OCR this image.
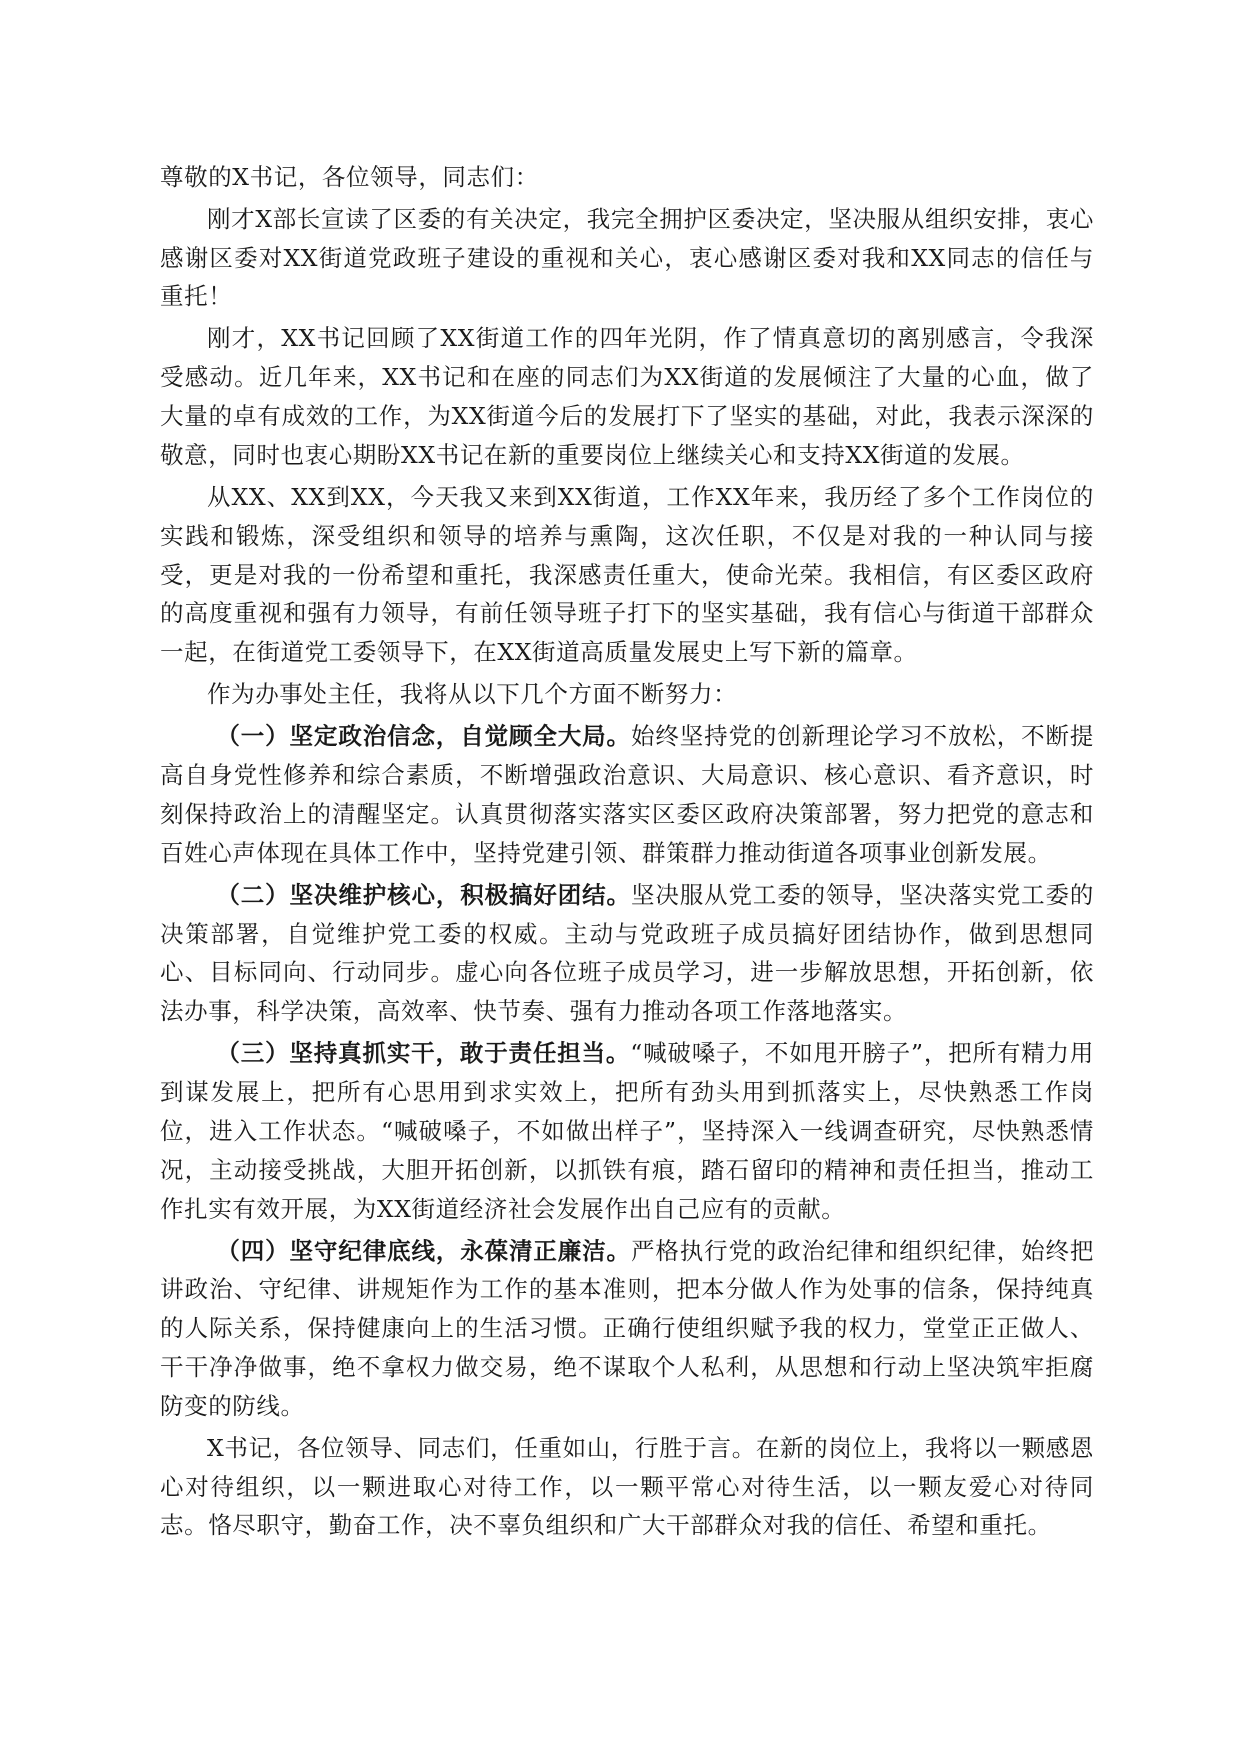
尊敬的X书记，各位领导，同志们：

刚才X部长宣读了区委的有关决定，我完全拥护区委决定，坚决服从组织安排，衷心感谢区委对XX街道党政班子建设的重视和关心，衷心感谢区委对我和XX同志的信任与重托！

刚才，XX书记回顾了XX街道工作的四年光阴，作了情真意切的离别感言，令我深受感动。近几年来，XX书记和在座的同志们为XX街道的发展倾注了大量的心血，做了大量的卓有成效的工作，为XX街道今后的发展打下了坚实的基础，对此，我表示深深的敬意，同时也衷心期盼XX书记在新的重要岗位上继续关心和支持XX街道的发展。

从XX、XX到XX，今天我又来到XX街道，工作XX年来，我历经了多个工作岗位的实践和锻炼，深受组织和领导的培养与熏陶，这次任职，不仅是对我的一种认同与接受，更是对我的一份希望和重托，我深感责任重大，使命光荣。我相信，有区委区政府的高度重视和强有力领导，有前任领导班子打下的坚实基础，我有信心与街道干部群众一起，在街道党工委领导下，在XX街道高质量发展史上写下新的篇章。

作为办事处主任，我将从以下几个方面不断努力：

（一）坚定政治信念，自觉顾全大局。始终坚持党的创新理论学习不放松，不断提高自身党性修养和综合素质，不断增强政治意识、大局意识、核心意识、看齐意识，时刻保持政治上的清醒坚定。认真贯彻落实落实区委区政府决策部署，努力把党的意志和百姓心声体现在具体工作中，坚持党建引领、群策群力推动街道各项事业创新发展。

（二）坚决维护核心，积极搞好团结。坚决服从党工委的领导，坚决落实党工委的决策部署，自觉维护党工委的权威。主动与党政班子成员搞好团结协作，做到思想同心、目标同向、行动同步。虚心向各位班子成员学习，进一步解放思想，开拓创新，依法办事，科学决策，高效率、快节奏、强有力推动各项工作落地落实。

（三）坚持真抓实干，敢于责任担当。“喊破嗓子，不如甩开膀子”，把所有精力用到谋发展上，把所有心思用到求实效上，把所有劲头用到抓落实上，尽快熟悉工作岗位，进入工作状态。“喊破嗓子，不如做出样子”，坚持深入一线调查研究，尽快熟悉情况，主动接受挑战，大胆开拓创新，以抓铁有痕，踏石留印的精神和责任担当，推动工作扎实有效开展，为XX街道经济社会发展作出自己应有的贡献。

（四）坚守纪律底线，永葆清正廉洁。严格执行党的政治纪律和组织纪律，始终把讲政治、守纪律、讲规矩作为工作的基本准则，把本分做人作为处事的信条，保持纯真的人际关系，保持健康向上的生活习惯。正确行使组织赋予我的权力，堂堂正正做人、干干净净做事，绝不拿权力做交易，绝不谋取个人私利，从思想和行动上坚决筑牢拒腐防变的防线。

X书记，各位领导、同志们，任重如山，行胜于言。在新的岗位上，我将以一颗感恩心对待组织，以一颗进取心对待工作，以一颗平常心对待生活，以一颗友爱心对待同志。恪尽职守，勤奋工作，决不辜负组织和广大干部群众对我的信任、希望和重托。
